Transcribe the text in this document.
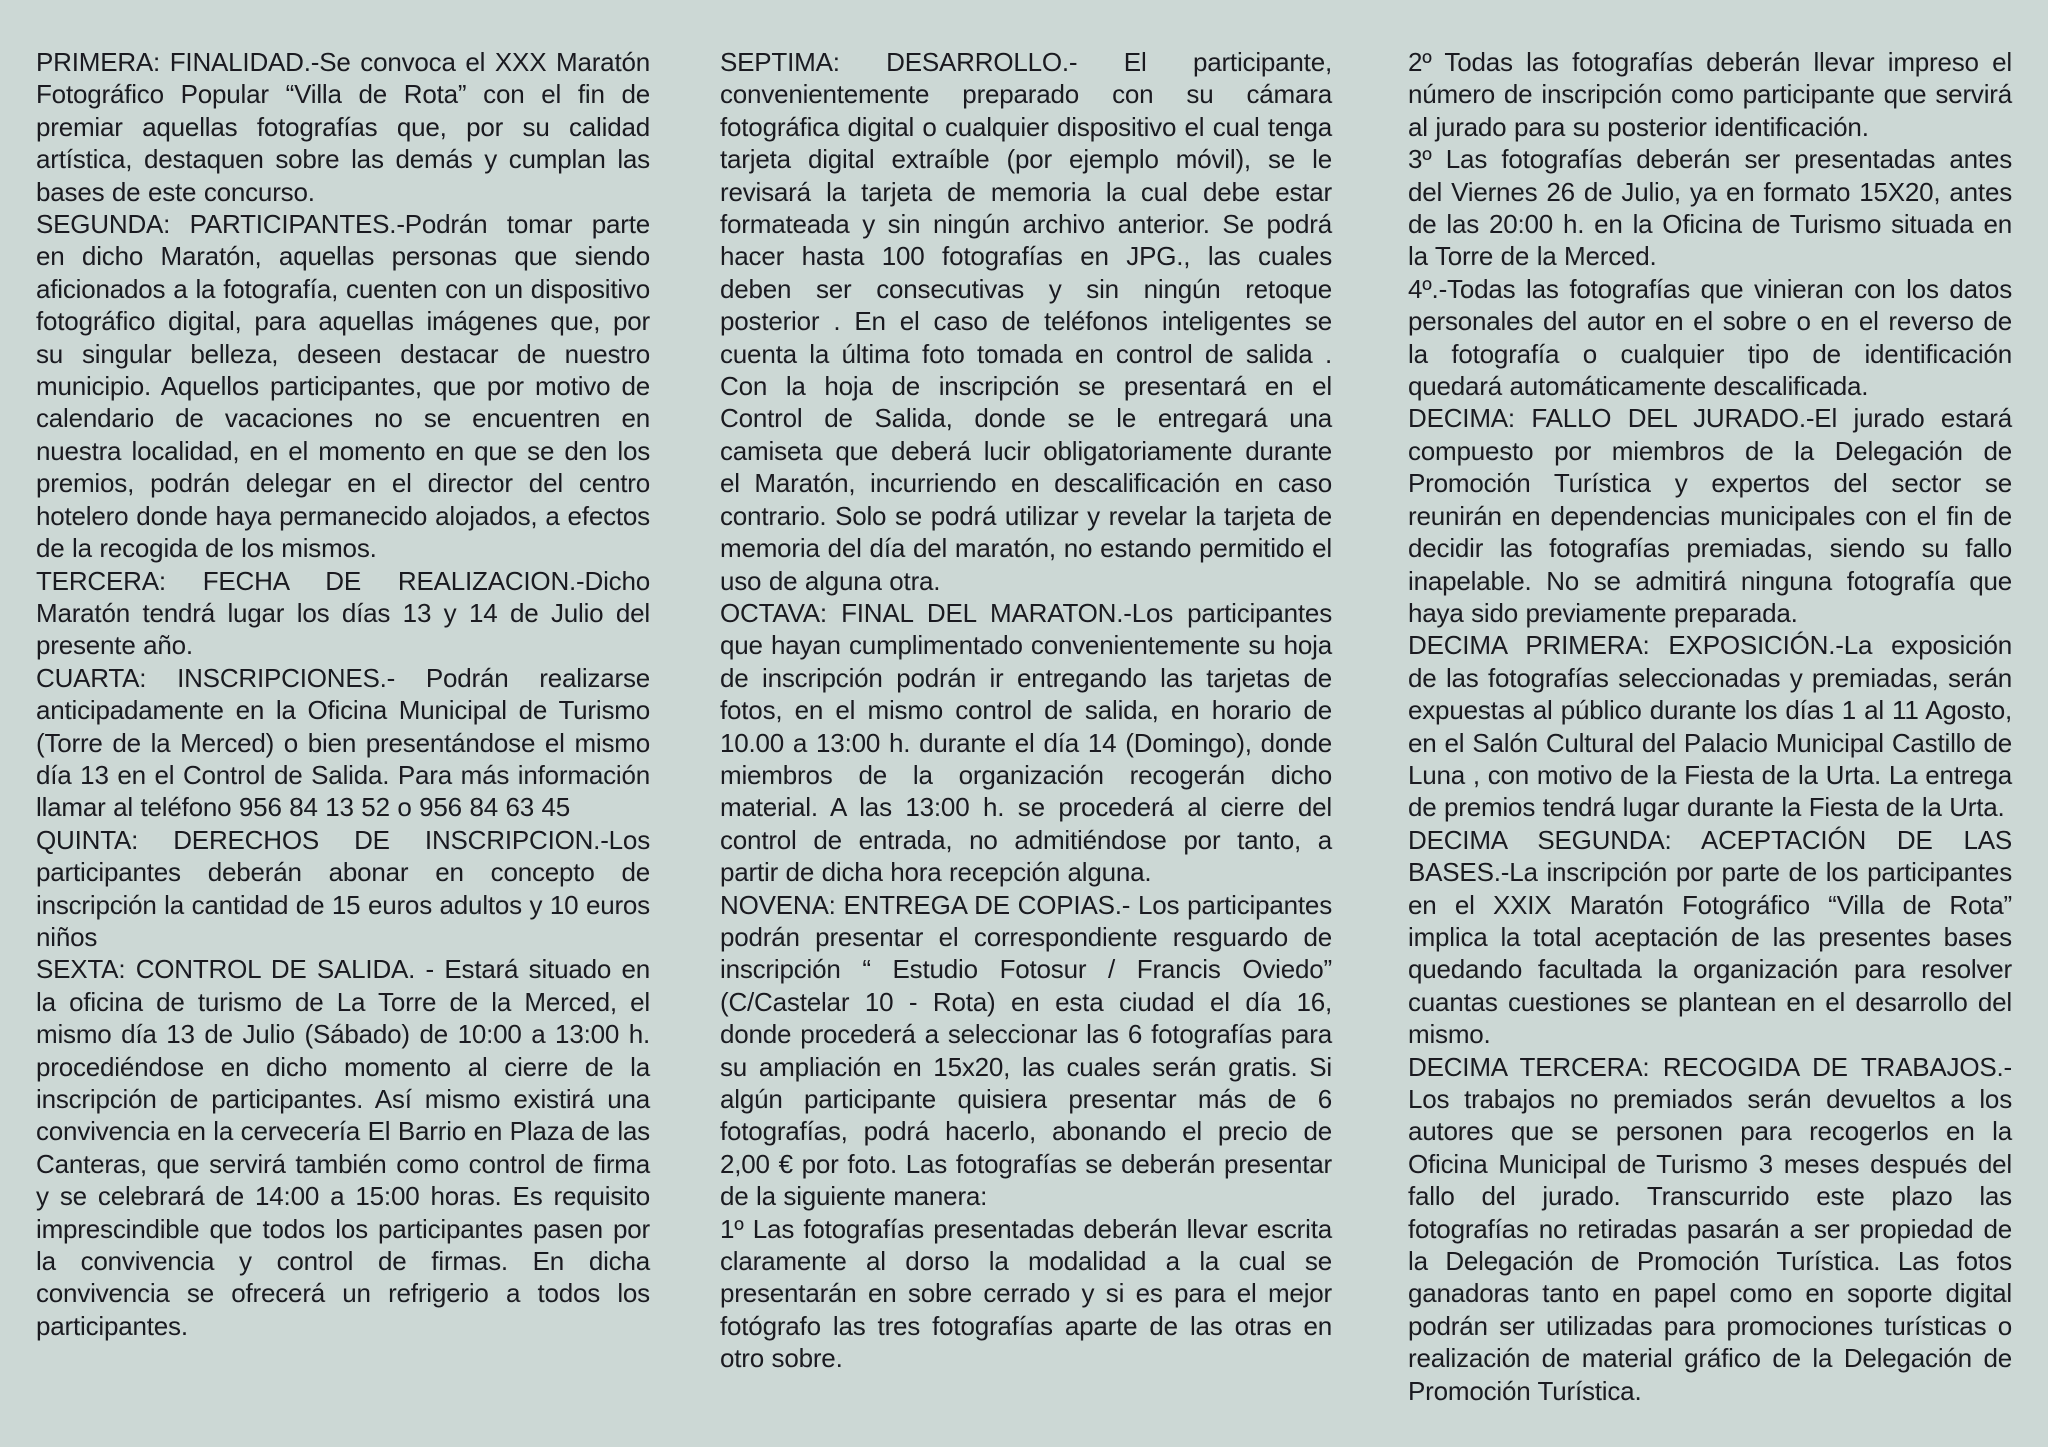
PRIMERA: FINALIDAD.-Se convoca el XXX Maratón Fotográfico Popular “Villa de Rota” con el fin de premiar aquellas fotografías que, por su calidad artística, destaquen sobre las demás y cumplan las bases de este concurso.

SEGUNDA: PARTICIPANTES.-Podrán tomar parte en dicho Maratón, aquellas personas que siendo aficionados a la fotografía, cuenten con un dispositivo fotográfico digital, para aquellas imágenes que, por su singular belleza, deseen destacar de nuestro municipio. Aquellos participantes, que por motivo de calendario de vacaciones no se encuentren en nuestra localidad, en el momento en que se den los premios, podrán delegar en el director del centro hotelero donde haya permanecido alojados, a efectos de la recogida de los mismos.

TERCERA: FECHA DE REALIZACION.-Dicho Maratón tendrá lugar los días 13 y 14 de Julio del presente año.

CUARTA: INSCRIPCIONES.- Podrán realizarse anticipadamente en la Oficina Municipal de Turismo (Torre de la Merced) o bien presentándose el mismo día 13 en el Control de Salida. Para más información llamar al teléfono 956 84 13 52 o 956 84 63 45

QUINTA: DERECHOS DE INSCRIPCION.-Los participantes deberán abonar en concepto de inscripción la cantidad de 15 euros adultos y 10 euros niños

SEXTA: CONTROL DE SALIDA. - Estará situado en la oficina de turismo de La Torre de la Merced, el mismo día 13 de Julio (Sábado) de 10:00 a 13:00 h. procediéndose en dicho momento al cierre de la inscripción de participantes. Así mismo existirá una convivencia en la cervecería El Barrio en Plaza de las Canteras, que servirá también como control de firma y se celebrará de 14:00 a 15:00 horas. Es requisito imprescindible que todos los participantes pasen por la convivencia y control de firmas. En dicha convivencia se ofrecerá un refrigerio a todos los participantes.

SEPTIMA: DESARROLLO.- El participante, convenientemente preparado con su cámara fotográfica digital o cualquier dispositivo el cual tenga tarjeta digital extraíble (por ejemplo móvil), se le revisará la tarjeta de memoria la cual debe estar formateada y sin ningún archivo anterior. Se podrá hacer hasta 100 fotografías en JPG., las cuales deben ser consecutivas y sin ningún retoque posterior . En el caso de teléfonos inteligentes se cuenta la última foto tomada en control de salida . Con la hoja de inscripción se presentará en el Control de Salida, donde se le entregará una camiseta que deberá lucir obligatoriamente durante el Maratón, incurriendo en descalificación en caso contrario. Solo se podrá utilizar y revelar la tarjeta de memoria del día del maratón, no estando permitido el uso de alguna otra.

OCTAVA: FINAL DEL MARATON.-Los participantes que hayan cumplimentado convenientemente su hoja de inscripción podrán ir entregando las tarjetas de fotos, en el mismo control de salida, en horario de 10.00 a 13:00 h. durante el día 14 (Domingo), donde miembros de la organización recogerán dicho material. A las 13:00 h. se procederá al cierre del control de entrada, no admitiéndose por tanto, a partir de dicha hora recepción alguna.

NOVENA: ENTREGA DE COPIAS.- Los participantes podrán presentar el correspondiente resguardo de inscripción “ Estudio Fotosur / Francis Oviedo” (C/Castelar 10 - Rota) en esta ciudad el día 16, donde procederá a seleccionar las 6 fotografías para su ampliación en 15x20, las cuales serán gratis. Si algún participante quisiera presentar más de 6 fotografías, podrá hacerlo, abonando el precio de 2,00 € por foto. Las fotografías se deberán presentar de la siguiente manera:

1º Las fotografías presentadas deberán llevar escrita claramente al dorso la modalidad a la cual se presentarán en sobre cerrado y si es para el mejor fotógrafo las tres fotografías aparte de las otras en otro sobre.

2º Todas las fotografías deberán llevar impreso el número de inscripción como participante que servirá al jurado para su posterior identificación.

3º Las fotografías deberán ser presentadas antes del Viernes 26 de Julio, ya en formato 15X20, antes de las 20:00 h. en la Oficina de Turismo situada en la Torre de la Merced.

4º.-Todas las fotografías que vinieran con los datos personales del autor en el sobre o en el reverso de la fotografía o cualquier tipo de identificación quedará automáticamente descalificada.

DECIMA: FALLO DEL JURADO.-El jurado estará compuesto por miembros de la Delegación de Promoción Turística y expertos del sector se reunirán en dependencias municipales con el fin de decidir las fotografías premiadas, siendo su fallo inapelable. No se admitirá ninguna fotografía que haya sido previamente preparada.

DECIMA PRIMERA: EXPOSICIÓN.-La exposición de las fotografías seleccionadas y premiadas, serán expuestas al público durante los días 1 al 11 Agosto, en el Salón Cultural del Palacio Municipal Castillo de Luna , con motivo de la Fiesta de la Urta. La entrega de premios tendrá lugar durante la Fiesta de la Urta.

DECIMA SEGUNDA: ACEPTACIÓN DE LAS BASES.-La inscripción por parte de los participantes en el XXIX Maratón Fotográfico “Villa de Rota” implica la total aceptación de las presentes bases quedando facultada la organización para resolver cuantas cuestiones se plantean en el desarrollo del mismo.

DECIMA TERCERA: RECOGIDA DE TRABAJOS.- Los trabajos no premiados serán devueltos a los autores que se personen para recogerlos en la Oficina Municipal de Turismo 3 meses después del fallo del jurado. Transcurrido este plazo las fotografías no retiradas pasarán a ser propiedad de la Delegación de Promoción Turística. Las fotos ganadoras tanto en papel como en soporte digital podrán ser utilizadas para promociones turísticas o realización de material gráfico de la Delegación de Promoción Turística.
